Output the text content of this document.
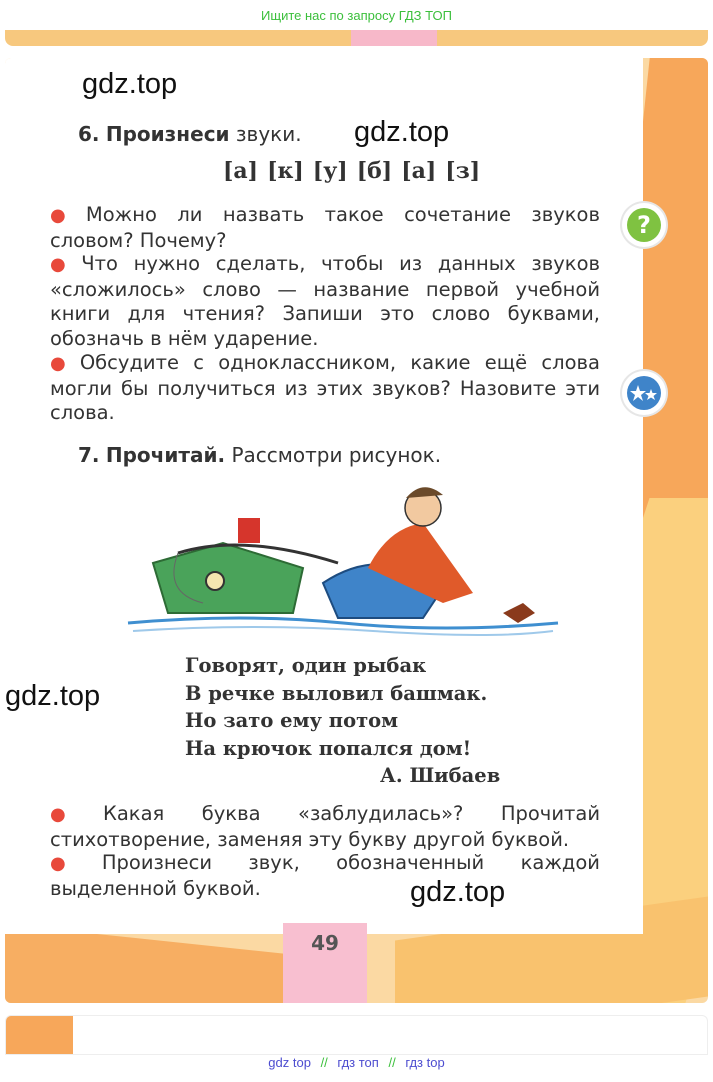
Ищите нас по запросу ГДЗ ТОП
gdz.top
6. Произнеси звуки. gdz.top
[а] [к] [у] [б] [а] [з]
● Можно ли назвать такое сочетание звуков словом? Почему?
● Что нужно сделать, чтобы из данных звуков «сложилось» слово — название первой учебной книги для чтения? Запиши это слово буквами, обозначь в нём ударение.
● Обсудите с одноклассником, какие ещё слова могли бы получиться из этих звуков? Назовите эти слова.
7. Прочитай. Рассмотри рисунок.
gdz.top
Говорят, один рыбак
В речке выловил башмак.
Но зато ему потом
На крючок попался дом!
А. Шибаев
● Какая буква «заблудилась»? Прочитай стихотворение, заменяя эту букву другой буквой.
● Произнеси звук, обозначенный каждой выделенной буквой.	gdz.top
?
49
gdz top // гдз топ // гдз top
